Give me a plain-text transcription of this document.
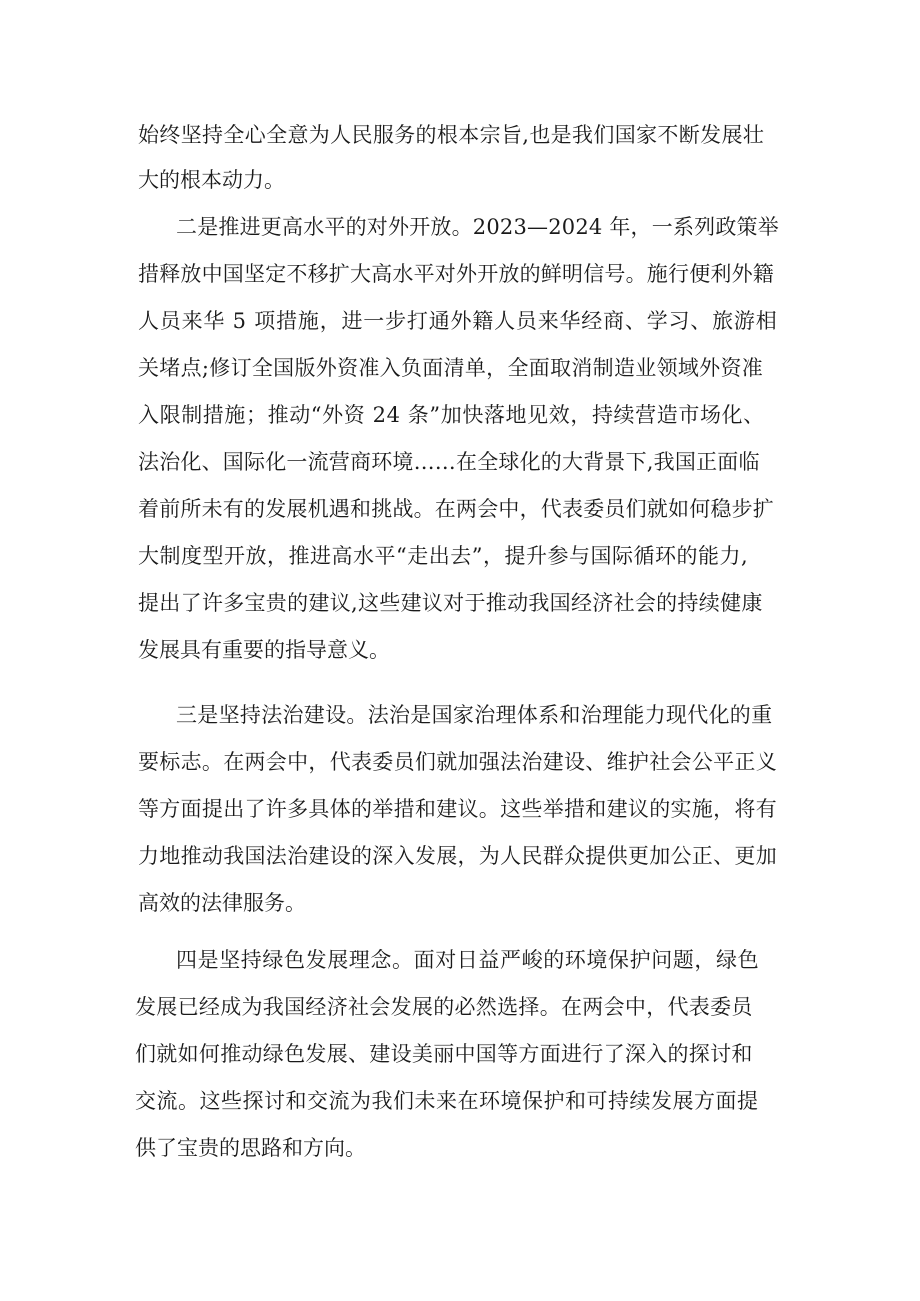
始终坚持全心全意为人民服务的根本宗旨,也是我们国家不断发展壮
大的根本动力。
二是推进更高水平的对外开放。2023—2024 年，一系列政策举
措释放中国坚定不移扩大高水平对外开放的鲜明信号。施行便利外籍
人员来华 5 项措施，进一步打通外籍人员来华经商、学习、旅游相
关堵点;修订全国版外资准入负面清单，全面取消制造业领域外资准
入限制措施；推动“外资 24 条”加快落地见效，持续营造市场化、
法治化、国际化一流营商环境……在全球化的大背景下,我国正面临
着前所未有的发展机遇和挑战。在两会中，代表委员们就如何稳步扩
大制度型开放，推进高水平“走出去”，提升参与国际循环的能力,
提出了许多宝贵的建议,这些建议对于推动我国经济社会的持续健康
发展具有重要的指导意义。
三是坚持法治建设。法治是国家治理体系和治理能力现代化的重
要标志。在两会中，代表委员们就加强法治建设、维护社会公平正义
等方面提出了许多具体的举措和建议。这些举措和建议的实施，将有
力地推动我国法治建设的深入发展，为人民群众提供更加公正、更加
高效的法律服务。
四是坚持绿色发展理念。面对日益严峻的环境保护问题，绿色
发展已经成为我国经济社会发展的必然选择。在两会中，代表委员
们就如何推动绿色发展、建设美丽中国等方面进行了深入的探讨和
交流。这些探讨和交流为我们未来在环境保护和可持续发展方面提
供了宝贵的思路和方向。
